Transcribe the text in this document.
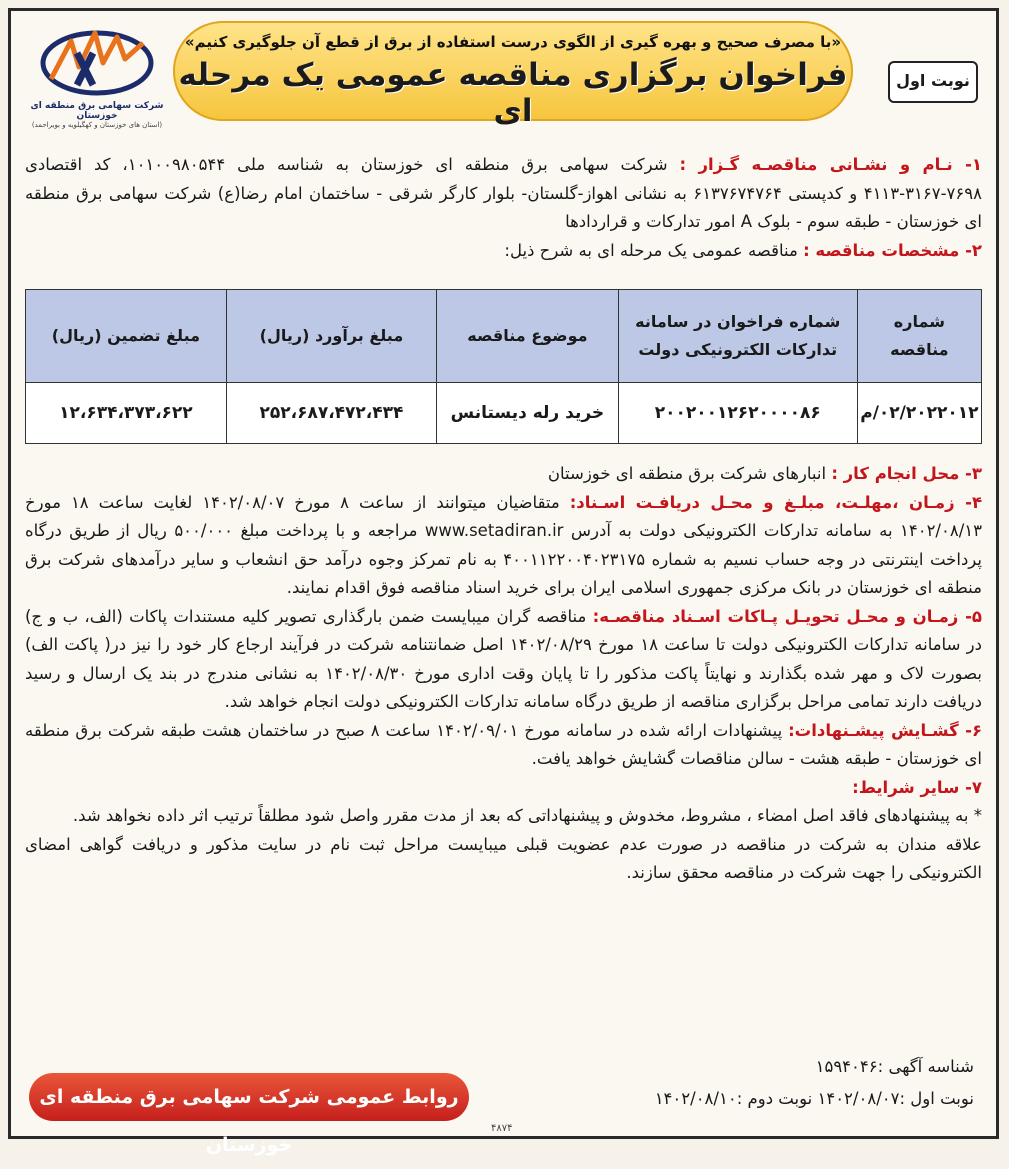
شرکت سهامی برق منطقه ای خوزستان
(استان های خوزستان و کهگیلویه و بویراحمد)
«با مصرف صحیح و بهره گیری از الگوی درست استفاده از برق از قطع آن جلوگیری کنیم»
فراخوان برگزاری مناقصه عمومی یک مرحله ای
نوبت اول

۱- نـام و نشـانی مناقصـه گـزار : شرکت سهامی برق منطقه ای خوزستان به شناسه ملی ۱۰۱۰۰۹۸۰۵۴۴، کد اقتصادی ۷۶۹۸-۳۱۶۷-۴۱۱۳ و کدپستی ۶۱۳۷۶۷۴۷۶۴ به نشانی اهواز-گلستان- بلوار کارگر شرقی - ساختمان امام رضا(ع) شرکت سهامی برق منطقه ای خوزستان - طبقه سوم - بلوک A امور تدارکات و قراردادها

۲- مشخصات مناقصه : مناقصه عمومی یک مرحله ای به شرح ذیل:

شماره مناقصه	شماره فراخوان در سامانه تدارکات الکترونیکی دولت	موضوع مناقصه	مبلغ برآورد (ریال)	مبلغ تضمین (ریال)
۰۲/۲۰۲۲۰۱۲/م	۲۰۰۲۰۰۱۲۶۲۰۰۰۰۸۶	خرید رله دیستانس	۲۵۲،۶۸۷،۴۷۲،۴۳۴	۱۲،۶۳۴،۳۷۳،۶۲۲

۳- محل انجام کار : انبارهای شرکت برق منطقه ای خوزستان

۴- زمـان ،مهلـت، مبلـغ و محـل دریافـت اسـناد: متقاضیان میتوانند از ساعت ۸ مورخ ۱۴۰۲/۰۸/۰۷ لغایت ساعت ۱۸ مورخ ۱۴۰۲/۰۸/۱۳ به سامانه تدارکات الکترونیکی دولت به آدرس www.setadiran.ir مراجعه و با پرداخت مبلغ ۵۰۰/۰۰۰ ریال از طریق درگاه پرداخت اینترنتی در وجه حساب نسیم به شماره ۴۰۰۱۱۲۲۰۰۴۰۲۳۱۷۵ به نام تمرکز وجوه درآمد حق انشعاب و سایر درآمدهای شرکت برق منطقه ای خوزستان در بانک مرکزی جمهوری اسلامی ایران برای خرید اسناد مناقصه فوق اقدام نمایند.

۵- زمـان و محـل تحویـل پـاکات اسـناد مناقصـه: مناقصه گران میبایست ضمن بارگذاری تصویر کلیه مستندات پاکات (الف، ب و ج) در سامانه تدارکات الکترونیکی دولت تا ساعت ۱۸ مورخ ۱۴۰۲/۰۸/۲۹ اصل ضمانتنامه شرکت در فرآیند ارجاع کار خود را نیز در( پاکت الف) بصورت لاک و مهر شده بگذارند و نهایتاً پاکت مذکور را تا پایان وقت اداری مورخ ۱۴۰۲/۰۸/۳۰ به نشانی مندرج در بند یک ارسال و رسید دریافت دارند تمامی مراحل برگزاری مناقصه از طریق درگاه سامانه تدارکات الکترونیکی دولت انجام خواهد شد.

۶- گشـایش پیشـنهادات: پیشنهادات ارائه شده در سامانه مورخ ۱۴۰۲/۰۹/۰۱ ساعت ۸ صبح در ساختمان هشت طبقه شرکت برق منطقه ای خوزستان - طبقه هشت - سالن مناقصات گشایش خواهد یافت.

۷- سایر شرایط:

* به پیشنهادهای فاقد اصل امضاء ، مشروط، مخدوش و پیشنهاداتی که بعد از مدت مقرر واصل شود مطلقاً ترتیب اثر داده نخواهد شد.

علاقه مندان به شرکت در مناقصه در صورت عدم عضویت قبلی میبایست مراحل ثبت نام در سایت مذکور و دریافت گواهی امضای الکترونیکی را جهت شرکت در مناقصه محقق سازند.

شناسه آگهی :۱۵۹۴۰۴۶
نوبت اول :۱۴۰۲/۰۸/۰۷ نوبت دوم :۱۴۰۲/۰۸/۱۰
روابط عمومی شرکت سهامی برق منطقه ای خوزستان
۴۸۷۴
